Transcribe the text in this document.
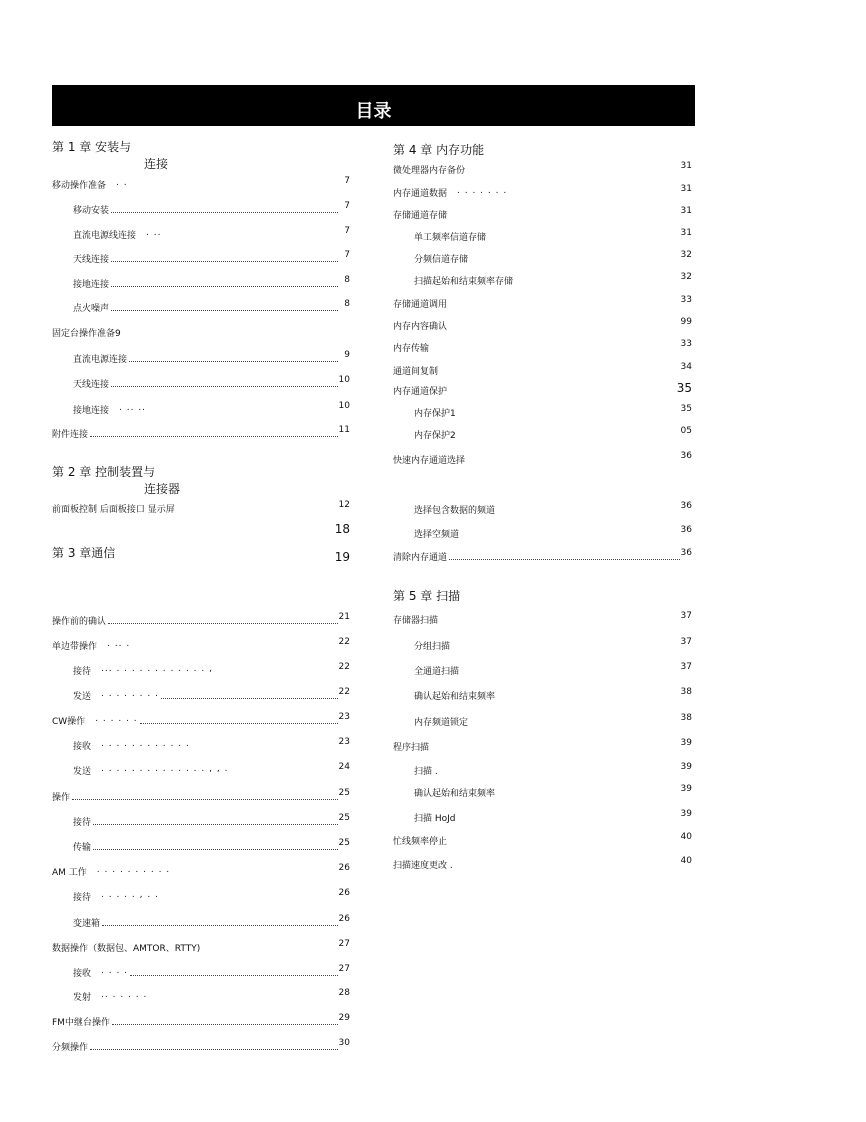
目录
第 1 章 安装与
连接
移动操作准备 . .	7
移动安装	7
直流电源线连接 . ..	7
天线连接	7
接地连接	8
点火噪声	8
固定台操作准备9
直流电源连接	9
天线连接	10
接地连接 . .. ..	10
附件连接	11
第 2 章 控制装置与
连接器
前面板控制 后面板接口 显示屏	12
18
第 3 章通信	19
操作前的确认	21
单边带操作 . .. .	22
接待 ... . . . . . . . . . . . . ,	22
发送 . . . . . . . .	22
CW操作 . . . . . .	23
接收 . . . . . . . . . . . .	23
发送 . . . . . . . . . . . . . . , , .	24
操作	25
接待	25
传输	25
AM 工作 . . . . . . . . . .	26
接待 . . . . . , . .	26
变速箱	26
数据操作（数据包、AMTOR、RTTY)	27
接收 . . . .	27
发射 .. . . . . .	28
FM中继台操作	29
分频操作	30
第 4 章 内存功能
微处理器内存备份	31
内存通道数据 . . . . . . .	31
存储通道存储	31
单工频率信道存储	31
分频信道存储	32
扫描起始和结束频率存储	32
存储通道调用	33
内存内容确认	99
内存传输	33
通道间复制	34
内存通道保护	35
内存保护1	35
内存保护2	05
快速内存通道选择	36
选择包含数据的频道	36
选择空频道	36
清除内存通道	36
第 5 章 扫描
存储器扫描	37
分组扫描	37
全通道扫描	37
确认起始和结束频率	38
内存频道锁定	38
程序扫描	39
扫描 .	39
确认起始和结束频率	39
扫描 HoJd	39
忙线频率停止	40
扫描速度更改 .	40
